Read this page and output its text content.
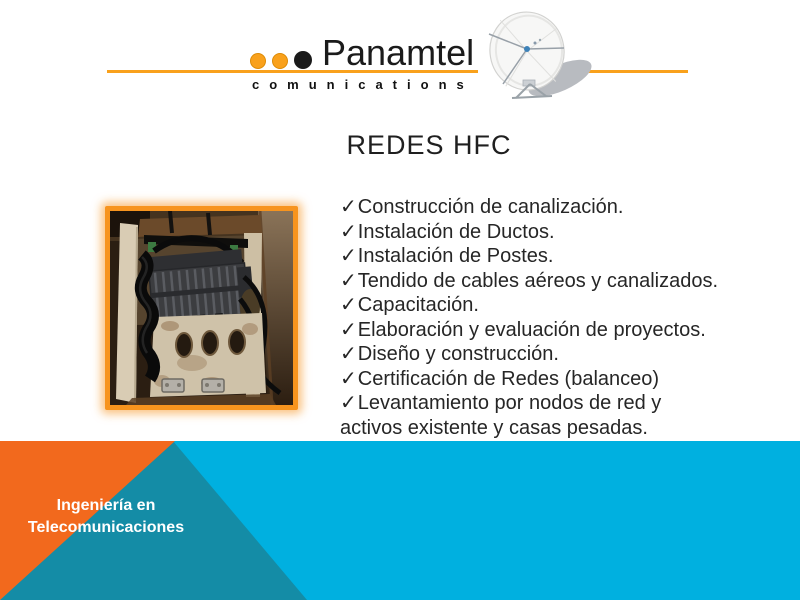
Panamtel
comunications
REDES HFC
✓Construcción de canalización.
✓Instalación de Ductos.
✓Instalación de Postes.
✓Tendido de cables aéreos y canalizados.
✓Capacitación.
✓Elaboración y evaluación de proyectos.
✓Diseño y construcción.
✓Certificación de Redes (balanceo)
✓Levantamiento por nodos de red y
activos existente y casas pesadas.
Ingeniería en
Telecomunicaciones
